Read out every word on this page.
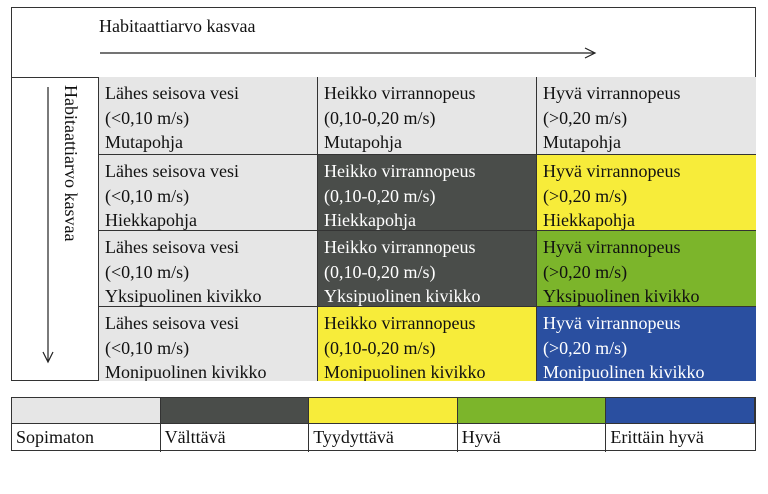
Habitaattiarvo kasvaa
Habitaattiarvo kasvaa Lähes seisova vesi
(<0,10 m/s)
Mutapohja
Heikko virrannopeus
(0,10-0,20 m/s)
Mutapohja
Hyvä virrannopeus
(>0,20 m/s)
Mutapohja
Lähes seisova vesi
(<0,10 m/s)
Hiekkapohja
Heikko virrannopeus
(0,10-0,20 m/s)
Hiekkapohja
Hyvä virrannopeus
(>0,20 m/s)
Hiekkapohja
Lähes seisova vesi
(<0,10 m/s)
Yksipuolinen kivikko
Heikko virrannopeus
(0,10-0,20 m/s)
Yksipuolinen kivikko
Hyvä virrannopeus
(>0,20 m/s)
Yksipuolinen kivikko
Lähes seisova vesi
(<0,10 m/s)
Monipuolinen kivikko
Heikko virrannopeus
(0,10-0,20 m/s)
Monipuolinen kivikko
Hyvä virrannopeus
(>0,20 m/s)
Monipuolinen kivikko
Sopimaton	Välttävä	Tyydyttävä	Hyvä	Erittäin hyvä
